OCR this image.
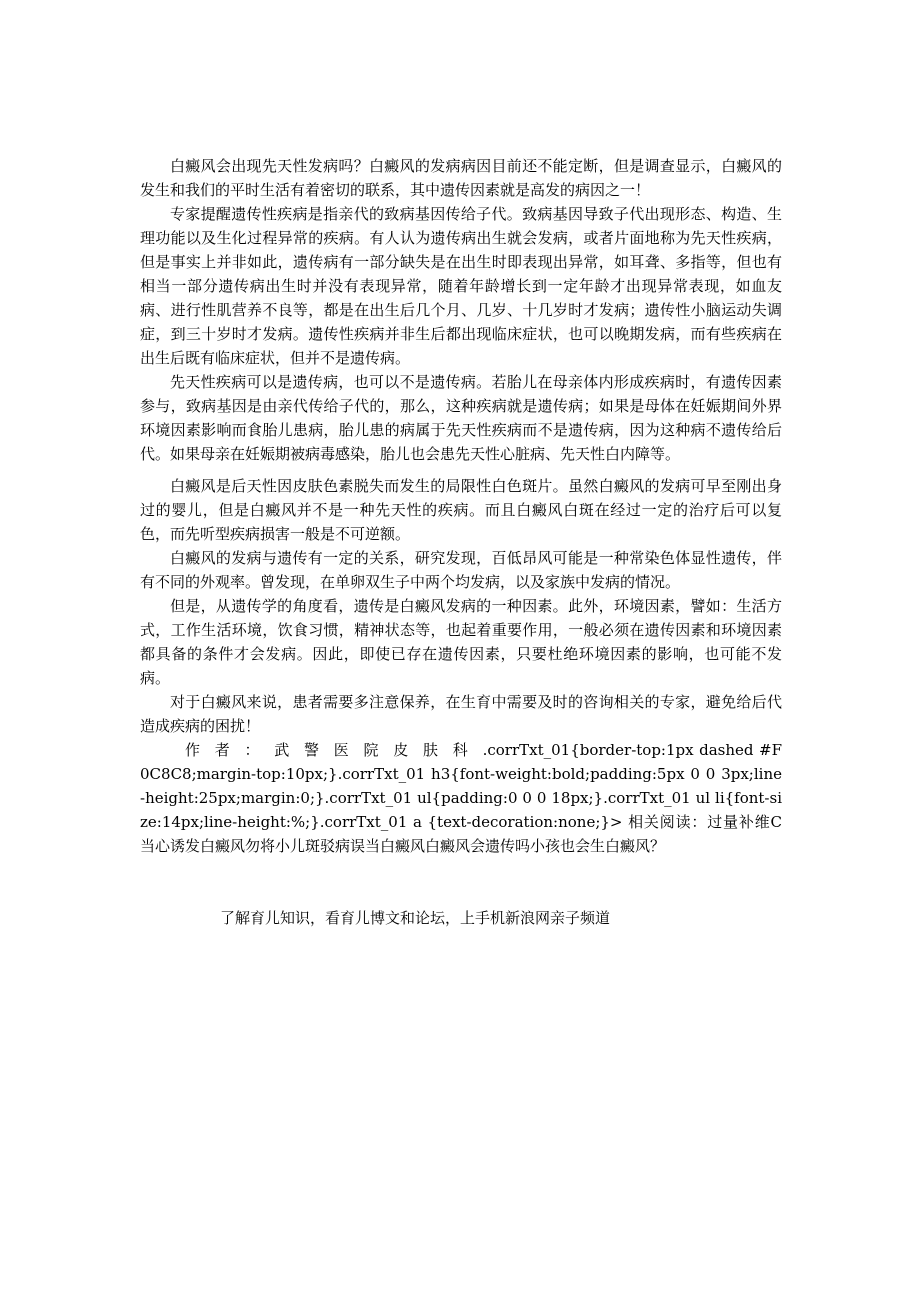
白癜风会出现先天性发病吗？白癜风的发病病因目前还不能定断，但是调查显示，白癜风的发生和我们的平时生活有着密切的联系，其中遗传因素就是高发的病因之一！

专家提醒遗传性疾病是指亲代的致病基因传给子代。致病基因导致子代出现形态、构造、生理功能以及生化过程异常的疾病。有人认为遗传病出生就会发病，或者片面地称为先天性疾病，但是事实上并非如此，遗传病有一部分缺失是在出生时即表现出异常，如耳聋、多指等，但也有相当一部分遗传病出生时并没有表现异常，随着年龄增长到一定年龄才出现异常表现，如血友病、进行性肌营养不良等，都是在出生后几个月、几岁、十几岁时才发病；遗传性小脑运动失调症，到三十岁时才发病。遗传性疾病并非生后都出现临床症状，也可以晚期发病，而有些疾病在出生后既有临床症状，但并不是遗传病。

先天性疾病可以是遗传病，也可以不是遗传病。若胎儿在母亲体内形成疾病时，有遗传因素参与，致病基因是由亲代传给子代的，那么，这种疾病就是遗传病；如果是母体在妊娠期间外界环境因素影响而食胎儿患病，胎儿患的病属于先天性疾病而不是遗传病，因为这种病不遗传给后代。如果母亲在妊娠期被病毒感染，胎儿也会患先天性心脏病、先天性白内障等。

白癜风是后天性因皮肤色素脱失而发生的局限性白色斑片。虽然白癜风的发病可早至刚出身过的婴儿，但是白癜风并不是一种先天性的疾病。而且白癜风白斑在经过一定的治疗后可以复色，而先听型疾病损害一般是不可逆额。

白癜风的发病与遗传有一定的关系，研究发现，百低昂风可能是一种常染色体显性遗传，伴有不同的外观率。曾发现，在单卵双生子中两个均发病，以及家族中发病的情况。

但是，从遗传学的角度看，遗传是白癜风发病的一种因素。此外，环境因素，譬如：生活方式，工作生活环境，饮食习惯，精神状态等，也起着重要作用，一般必须在遗传因素和环境因素都具备的条件才会发病。因此，即使已存在遗传因素，只要杜绝环境因素的影响，也可能不发病。

对于白癜风来说，患者需要多注意保养，在生育中需要及时的咨询相关的专家，避免给后代造成疾病的困扰！

作者：武警医院皮肤科.corrTxt_01{border-top:1px dashed #F0C8C8;margin-top:10px;}.corrTxt_01 h3{font-weight:bold;padding:5px 0 0 3px;line-height:25px;margin:0;}.corrTxt_01 ul{padding:0 0 0 18px;}.corrTxt_01 ul li{font-size:14px;line-height:%;}.corrTxt_01 a {text-decoration:none;}> 相关阅读：过量补维C当心诱发白癜风勿将小儿斑驳病误当白癜风白癜风会遗传吗小孩也会生白癜风？

了解育儿知识，看育儿博文和论坛，上手机新浪网亲子频道
